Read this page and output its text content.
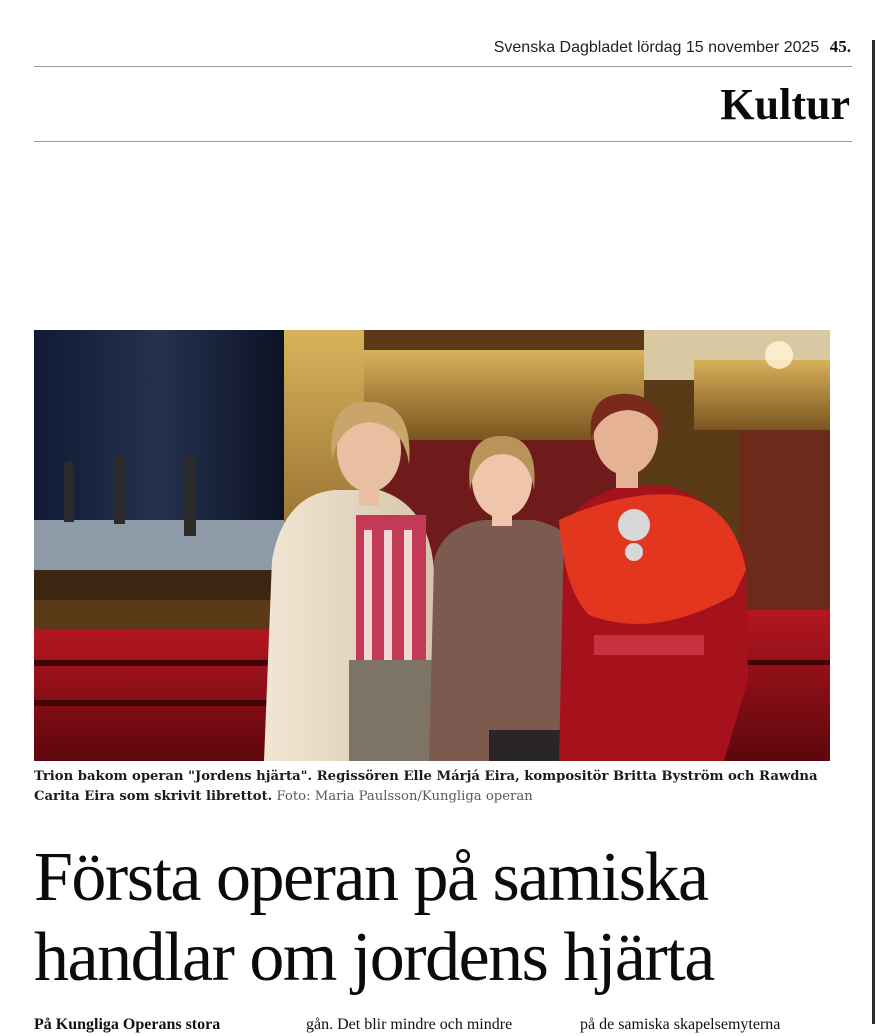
Svenska Dagbladet lördag 15 november 2025 45.
Kultur
Trion bakom operan "Jordens hjärta". Regissören Elle Márjá Eira, kompositör Britta Byström och Rawdna Carita Eira som skrivit librettot. Foto: Maria Paulsson/Kungliga operan
Första operan på samiska
handlar om jordens hjärta
På Kungliga Operans stora	gån. Det blir mindre och mindre	på de samiska skapelsemyterna
